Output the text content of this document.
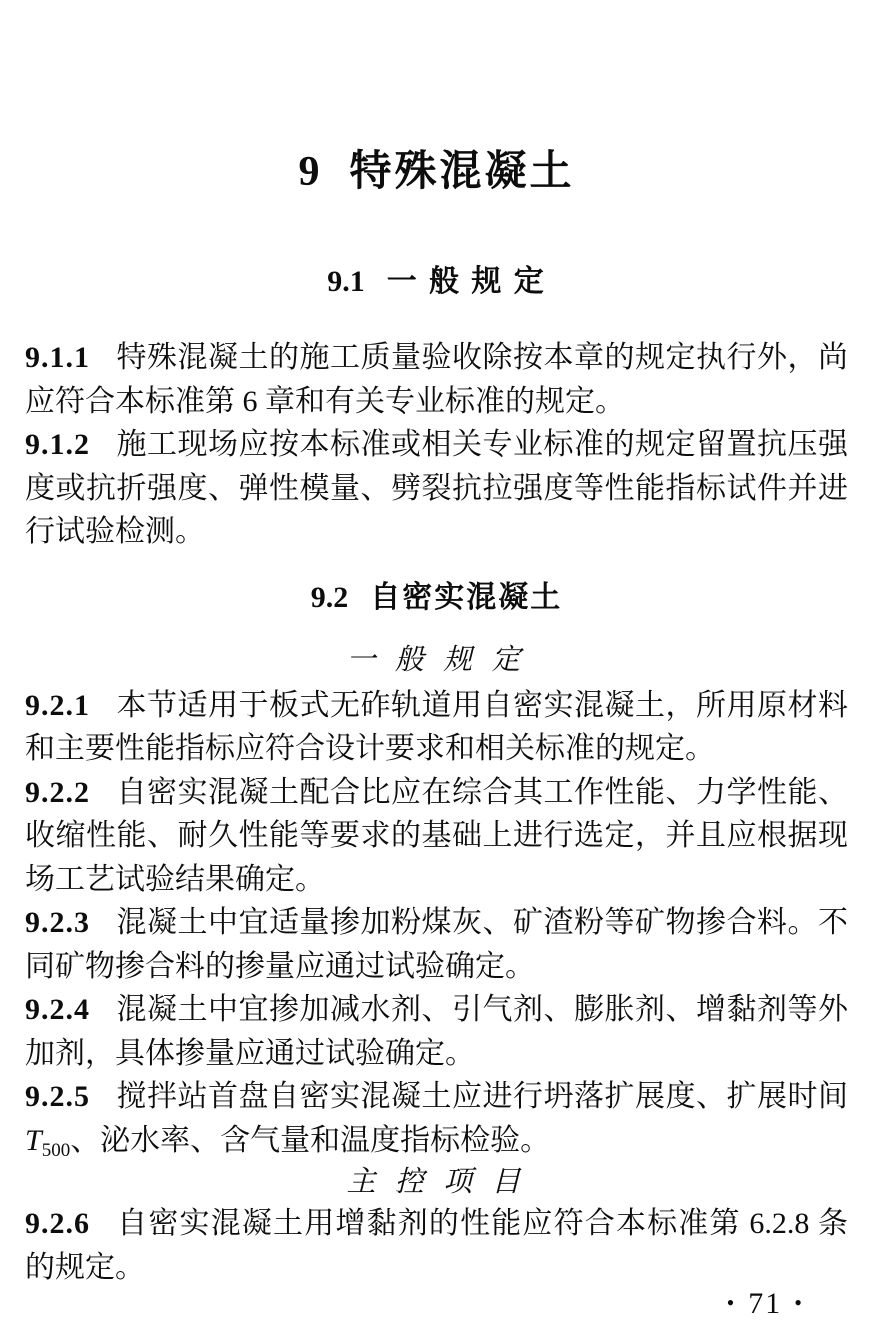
9 特殊混凝土
9.1 一 般 规 定

9.1.1 特殊混凝土的施工质量验收除按本章的规定执行外，尚应符合本标准第 6 章和有关专业标准的规定。

9.1.2 施工现场应按本标准或相关专业标准的规定留置抗压强度或抗折强度、弹性模量、劈裂抗拉强度等性能指标试件并进行试验检测。

9.2 自密实混凝土
一 般 规 定

9.2.1 本节适用于板式无砟轨道用自密实混凝土，所用原材料和主要性能指标应符合设计要求和相关标准的规定。

9.2.2 自密实混凝土配合比应在综合其工作性能、力学性能、收缩性能、耐久性能等要求的基础上进行选定，并且应根据现场工艺试验结果确定。

9.2.3 混凝土中宜适量掺加粉煤灰、矿渣粉等矿物掺合料。不同矿物掺合料的掺量应通过试验确定。

9.2.4 混凝土中宜掺加减水剂、引气剂、膨胀剂、增黏剂等外加剂，具体掺量应通过试验确定。

9.2.5 搅拌站首盘自密实混凝土应进行坍落扩展度、扩展时间$T_{500}$、泌水率、含气量和温度指标检验。

主 控 项 目

9.2.6 自密实混凝土用增黏剂的性能应符合本标准第 6.2.8 条的规定。

• 71 •
